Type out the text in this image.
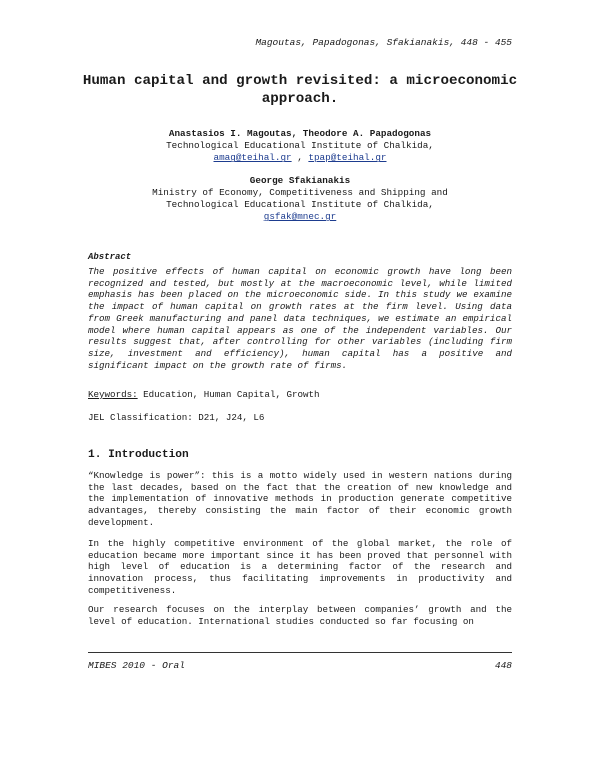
Magoutas, Papadogonas, Sfakianakis, 448 - 455
Human capital and growth revisited: a microeconomic approach.
Anastasios I. Magoutas, Theodore A. Papadogonas
Technological Educational Institute of Chalkida,
amag@teihal.gr , tpap@teihal.gr
George Sfakianakis
Ministry of Economy, Competitiveness and Shipping and
Technological Educational Institute of Chalkida,
gsfak@mnec.gr
Abstract
The positive effects of human capital on economic growth have long been recognized and tested, but mostly at the macroeconomic level, while limited emphasis has been placed on the microeconomic side. In this study we examine the impact of human capital on growth rates at the firm level. Using data from Greek manufacturing and panel data techniques, we estimate an empirical model where human capital appears as one of the independent variables. Our results suggest that, after controlling for other variables (including firm size, investment and efficiency), human capital has a positive and significant impact on the growth rate of firms.
Keywords: Education, Human Capital, Growth
JEL Classification: D21, J24, L6
1. Introduction
“Knowledge is power”: this is a motto widely used in western nations during the last decades, based on the fact that the creation of new knowledge and the implementation of innovative methods in production generate competitive advantages, thereby consisting the main factor of their economic growth development.
In the highly competitive environment of the global market, the role of education became more important since it has been proved that personnel with high level of education is a determining factor of the research and innovation process, thus facilitating improvements in productivity and competitiveness.
Our research focuses on the interplay between companies’ growth and the level of education. International studies conducted so far focusing on
MIBES 2010 - Oral	448
